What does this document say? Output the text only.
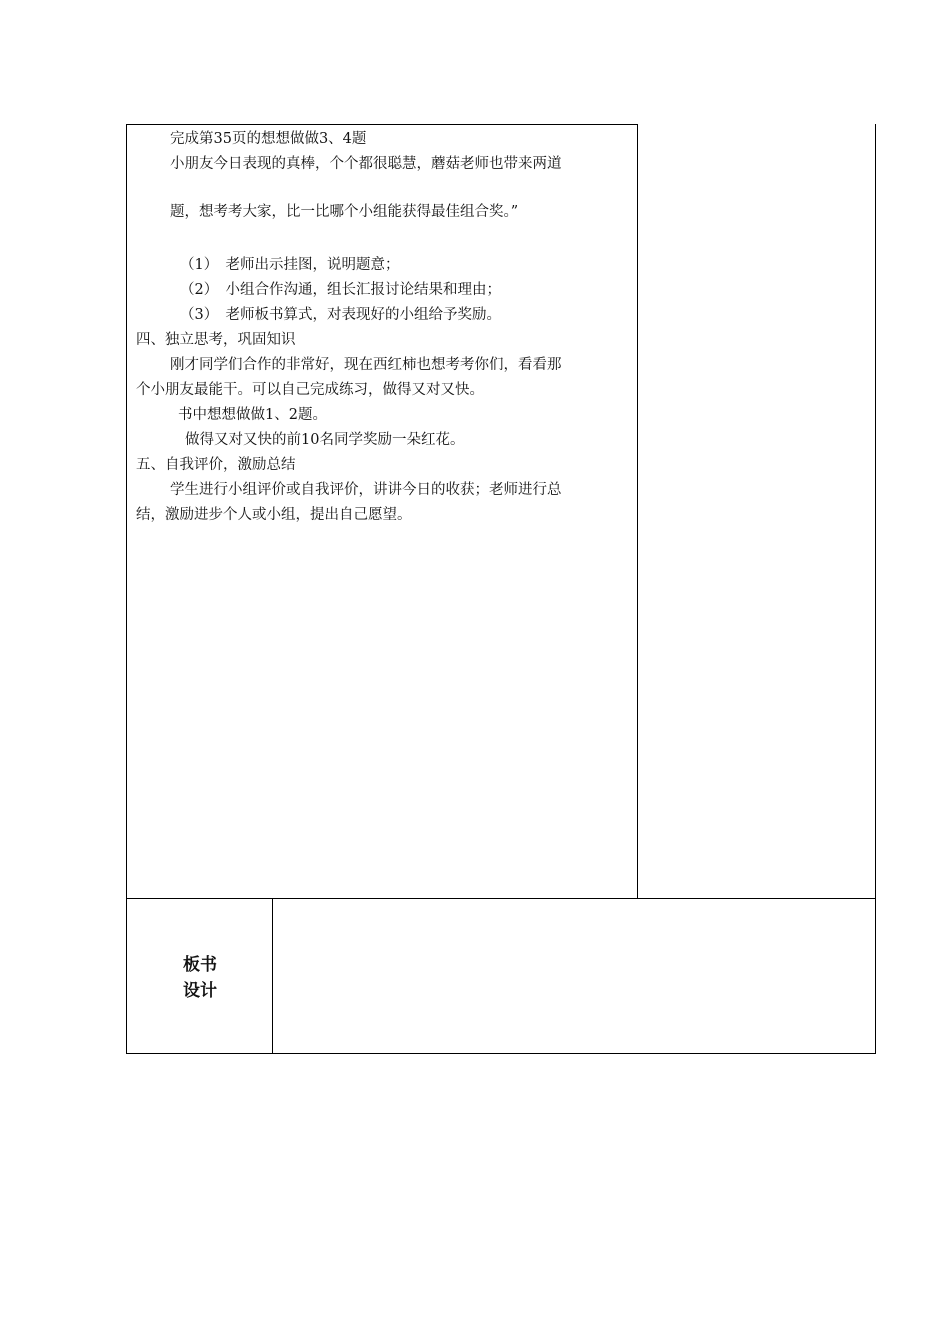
完成第35页的想想做做3、4题
小朋友今日表现的真棒，个个都很聪慧，蘑菇老师也带来两道
题，想考考大家，比一比哪个小组能获得最佳组合奖。”
（1）　老师出示挂图，说明题意；
（2）　小组合作沟通，组长汇报讨论结果和理由；
（3）　老师板书算式，对表现好的小组给予奖励。
四、独立思考，巩固知识
刚才同学们合作的非常好，现在西红柿也想考考你们，看看那
个小朋友最能干。可以自己完成练习，做得又对又快。
书中想想做做1、2题。
做得又对又快的前10名同学奖励一朵红花。
五、自我评价，激励总结
学生进行小组评价或自我评价，讲讲今日的收获；老师进行总
结，激励进步个人或小组，提出自己愿望。
板书
设计
